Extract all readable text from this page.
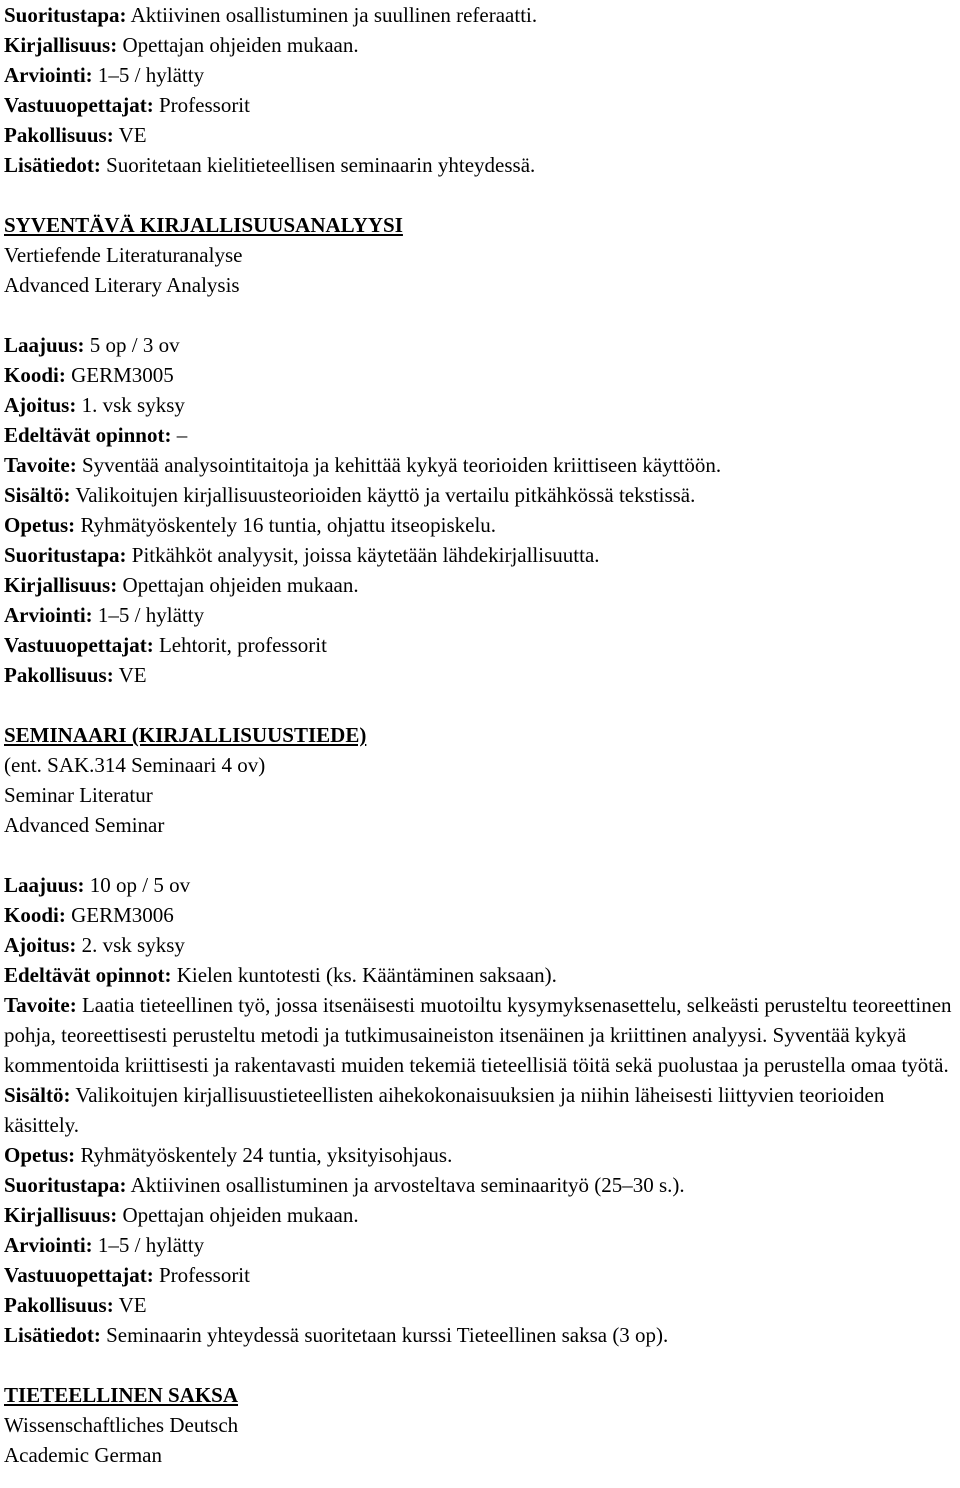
Suoritustapa: Aktiivinen osallistuminen ja suullinen referaatti.
Kirjallisuus: Opettajan ohjeiden mukaan.
Arviointi: 1–5 / hylätty
Vastuuopettajat: Professorit
Pakollisuus: VE
Lisätiedot: Suoritetaan kielitieteellisen seminaarin yhteydessä.
SYVENTÄVÄ KIRJALLISUUSANALYYSI
Vertiefende Literaturanalyse
Advanced Literary Analysis
Laajuus: 5 op / 3 ov
Koodi: GERM3005
Ajoitus: 1. vsk syksy
Edeltävät opinnot: –
Tavoite: Syventää analysointitaitoja ja kehittää kykyä teorioiden kriittiseen käyttöön.
Sisältö: Valikoitujen kirjallisuusteorioiden käyttö ja vertailu pitkähkössä tekstissä.
Opetus: Ryhmätyöskentely 16 tuntia, ohjattu itseopiskelu.
Suoritustapa: Pitkähköt analyysit, joissa käytetään lähdekirjallisuutta.
Kirjallisuus: Opettajan ohjeiden mukaan.
Arviointi: 1–5 / hylätty
Vastuuopettajat: Lehtorit, professorit
Pakollisuus: VE
SEMINAARI (KIRJALLISUUSTIEDE)
(ent. SAK.314 Seminaari 4 ov)
Seminar Literatur
Advanced Seminar
Laajuus: 10 op / 5 ov
Koodi: GERM3006
Ajoitus: 2. vsk syksy
Edeltävät opinnot: Kielen kuntotesti (ks. Kääntäminen saksaan).
Tavoite: Laatia tieteellinen työ, jossa itsenäisesti muotoiltu kysymyksenasettelu, selkeästi perusteltu teoreettinen pohja, teoreettisesti perusteltu metodi ja tutkimusaineiston itsenäinen ja kriittinen analyysi. Syventää kykyä kommentoida kriittisesti ja rakentavasti muiden tekemiä tieteellisiä töitä sekä puolustaa ja perustella omaa työtä.
Sisältö: Valikoitujen kirjallisuustieteellisten aihekokonaisuuksien ja niihin läheisesti liittyvien teorioiden käsittely.
Opetus: Ryhmätyöskentely 24 tuntia, yksityisohjaus.
Suoritustapa: Aktiivinen osallistuminen ja arvosteltava seminaarityö (25–30 s.).
Kirjallisuus: Opettajan ohjeiden mukaan.
Arviointi: 1–5 / hylätty
Vastuuopettajat: Professorit
Pakollisuus: VE
Lisätiedot: Seminaarin yhteydessä suoritetaan kurssi Tieteellinen saksa (3 op).
TIETEELLINEN SAKSA
Wissenschaftliches Deutsch
Academic German
